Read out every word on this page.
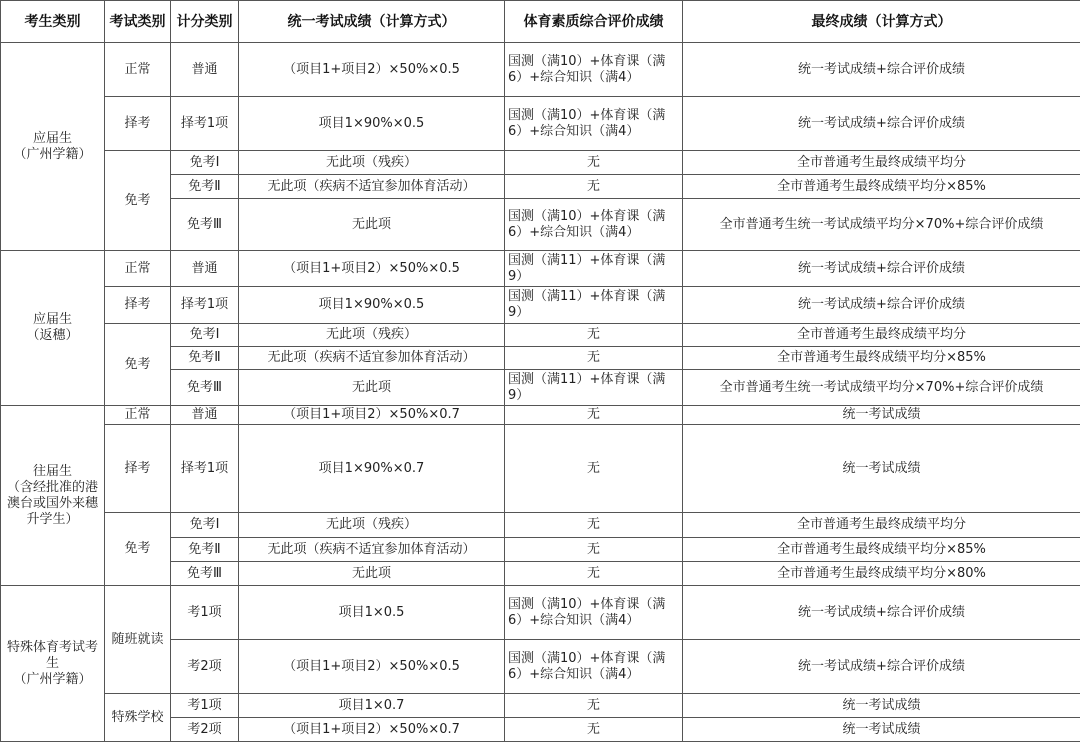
考生类别	考试类别	计分类别	统一考试成绩（计算方式）	体育素质综合评价成绩	最终成绩（计算方式）
应届生
（广州学籍）	正常	普通	（项目1+项目2）×50%×0.5	国测（满10）+体育课（满6）+综合知识（满4）	统一考试成绩+综合评价成绩
	择考	择考1项	项目1×90%×0.5	国测（满10）+体育课（满6）+综合知识（满4）	统一考试成绩+综合评价成绩
	免考	免考Ⅰ	无此项（残疾）	无	全市普通考生最终成绩平均分
		免考Ⅱ	无此项（疾病不适宜参加体育活动）	无	全市普通考生最终成绩平均分×85%
		免考Ⅲ	无此项	国测（满10）+体育课（满6）+综合知识（满4）	全市普通考生统一考试成绩平均分×70%+综合评价成绩
应届生
（返穗）	正常	普通	（项目1+项目2）×50%×0.5	国测（满11）+体育课（满9）	统一考试成绩+综合评价成绩
	择考	择考1项	项目1×90%×0.5	国测（满11）+体育课（满9）	统一考试成绩+综合评价成绩
	免考	免考Ⅰ	无此项（残疾）	无	全市普通考生最终成绩平均分
		免考Ⅱ	无此项（疾病不适宜参加体育活动）	无	全市普通考生最终成绩平均分×85%
		免考Ⅲ	无此项	国测（满11）+体育课（满9）	全市普通考生统一考试成绩平均分×70%+综合评价成绩
往届生
（含经批准的港澳台或国外来穗升学生）	正常	普通	（项目1+项目2）×50%×0.7	无	统一考试成绩
	择考	择考1项	项目1×90%×0.7	无	统一考试成绩
	免考	免考Ⅰ	无此项（残疾）	无	全市普通考生最终成绩平均分
		免考Ⅱ	无此项（疾病不适宜参加体育活动）	无	全市普通考生最终成绩平均分×85%
		免考Ⅲ	无此项	无	全市普通考生最终成绩平均分×80%
特殊体育考试考生
（广州学籍）	随班就读	考1项	项目1×0.5	国测（满10）+体育课（满6）+综合知识（满4）	统一考试成绩+综合评价成绩
		考2项	（项目1+项目2）×50%×0.5	国测（满10）+体育课（满6）+综合知识（满4）	统一考试成绩+综合评价成绩
	特殊学校	考1项	项目1×0.7	无	统一考试成绩
		考2项	（项目1+项目2）×50%×0.7	无	统一考试成绩
